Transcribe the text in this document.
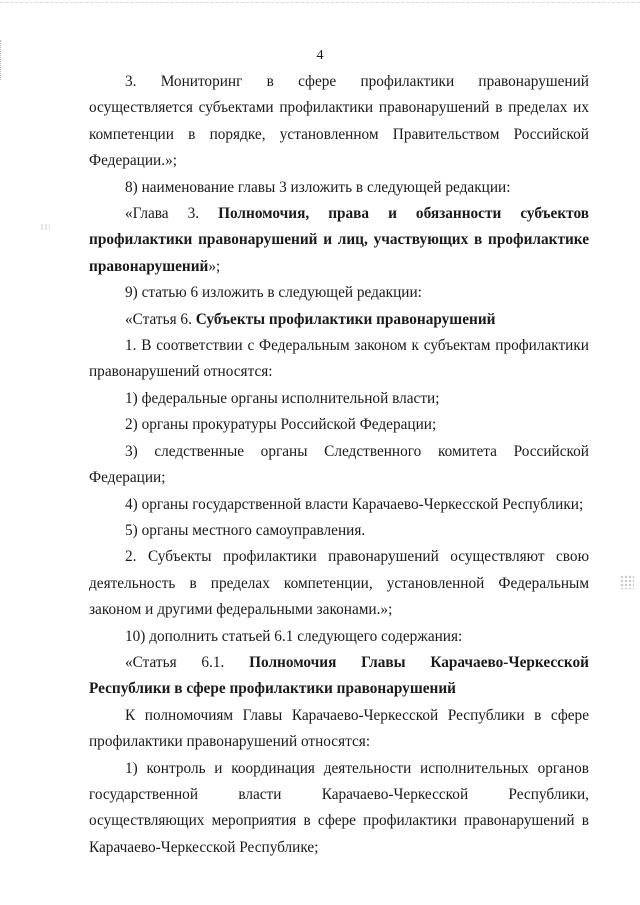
4

3. Мониторинг в сфере профилактики правонарушений осуществляется субъектами профилактики правонарушений в пределах их компетенции в порядке, установленном Правительством Российской Федерации.»;

8) наименование главы 3 изложить в следующей редакции:

«Глава 3. Полномочия, права и обязанности субъектов профилактики правонарушений и лиц, участвующих в профилактике правонарушений»;

9) статью 6 изложить в следующей редакции:

«Статья 6. Субъекты профилактики правонарушений

1. В соответствии с Федеральным законом к субъектам профилактики правонарушений относятся:

1) федеральные органы исполнительной власти;

2) органы прокуратуры Российской Федерации;

3) следственные органы Следственного комитета Российской Федерации;

4) органы государственной власти Карачаево-Черкесской Республики;

5) органы местного самоуправления.

2. Субъекты профилактики правонарушений осуществляют свою деятельность в пределах компетенции, установленной Федеральным законом и другими федеральными законами.»;

10) дополнить статьей 6.1 следующего содержания:

«Статья 6.1. Полномочия Главы Карачаево-Черкесской Республики в сфере профилактики правонарушений

К полномочиям Главы Карачаево-Черкесской Республики в сфере профилактики правонарушений относятся:

1) контроль и координация деятельности исполнительных органов государственной власти Карачаево-Черкесской Республики, осуществляющих мероприятия в сфере профилактики правонарушений в Карачаево-Черкесской Республике;
